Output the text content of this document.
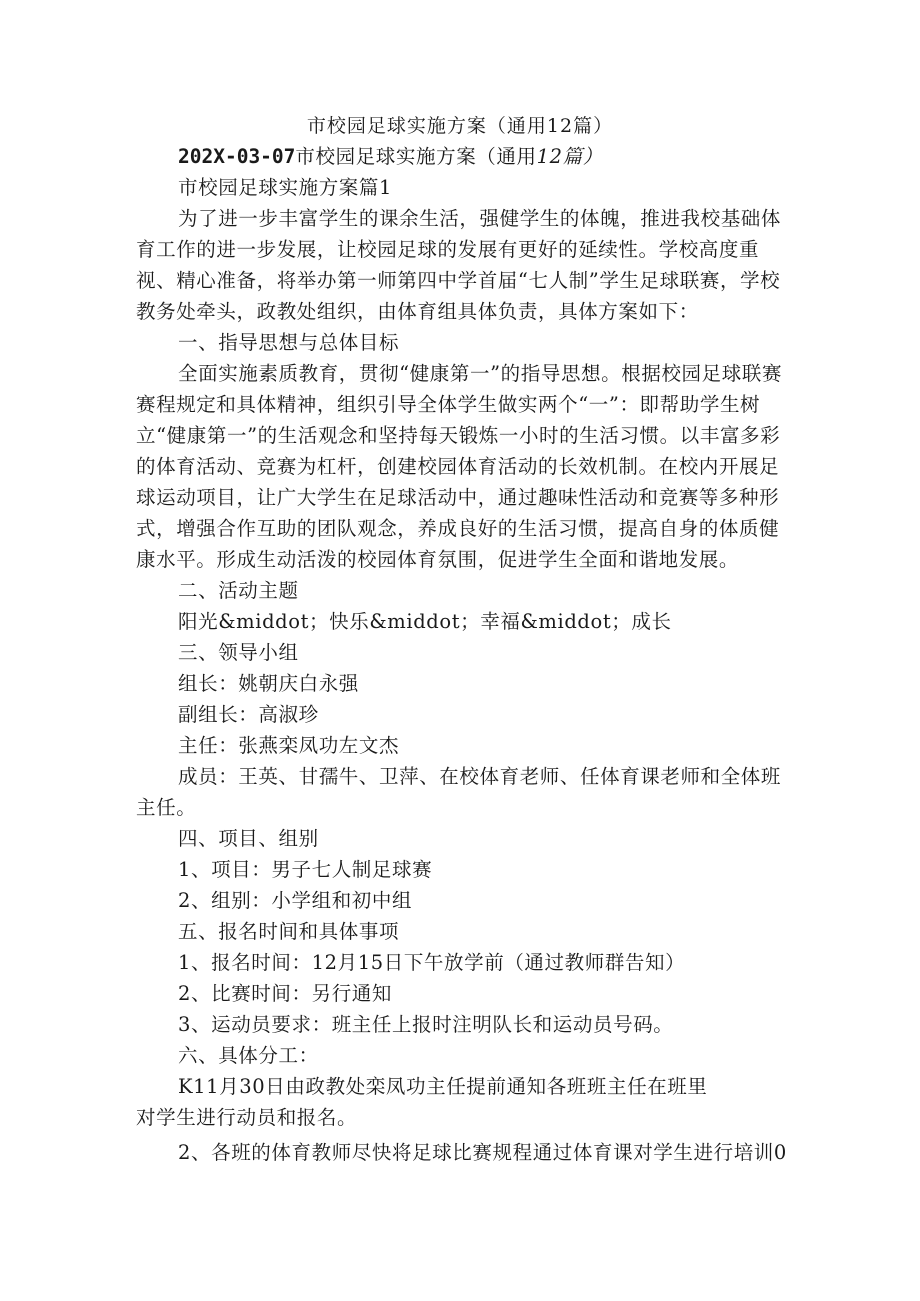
市校园足球实施方案（通用12篇）

202X-03-07市校园足球实施方案（通用12篇）

市校园足球实施方案篇1

为了进一步丰富学生的课余生活，强健学生的体魄，推进我校基础体育工作的进一步发展，让校园足球的发展有更好的延续性。学校高度重视、精心准备，将举办第一师第四中学首届“七人制”学生足球联赛，学校教务处牵头，政教处组织，由体育组具体负责，具体方案如下：

一、指导思想与总体目标

全面实施素质教育，贯彻“健康第一”的指导思想。根据校园足球联赛赛程规定和具体精神，组织引导全体学生做实两个“一”：即帮助学生树立“健康第一”的生活观念和坚持每天锻炼一小时的生活习惯。以丰富多彩的体育活动、竞赛为杠杆，创建校园体育活动的长效机制。在校内开展足球运动项目，让广大学生在足球活动中，通过趣味性活动和竞赛等多种形式，增强合作互助的团队观念，养成良好的生活习惯，提高自身的体质健康水平。形成生动活泼的校园体育氛围，促进学生全面和谐地发展。

二、活动主题

阳光&middot；快乐&middot；幸福&middot；成长

三、领导小组

组长：姚朝庆白永强

副组长：高淑珍

主任：张燕栾凤功左文杰

成员：王英、甘孺牛、卫萍、在校体育老师、任体育课老师和全体班主任。

四、项目、组别

1、项目：男子七人制足球赛

2、组别：小学组和初中组

五、报名时间和具体事项

1、报名时间：12月15日下午放学前（通过教师群告知）

2、比赛时间：另行通知

3、运动员要求：班主任上报时注明队长和运动员号码。

六、具体分工：

K11月30日由政教处栾凤功主任提前通知各班班主任在班里

对学生进行动员和报名。

2、各班的体育教师尽快将足球比赛规程通过体育课对学生进行培训0
